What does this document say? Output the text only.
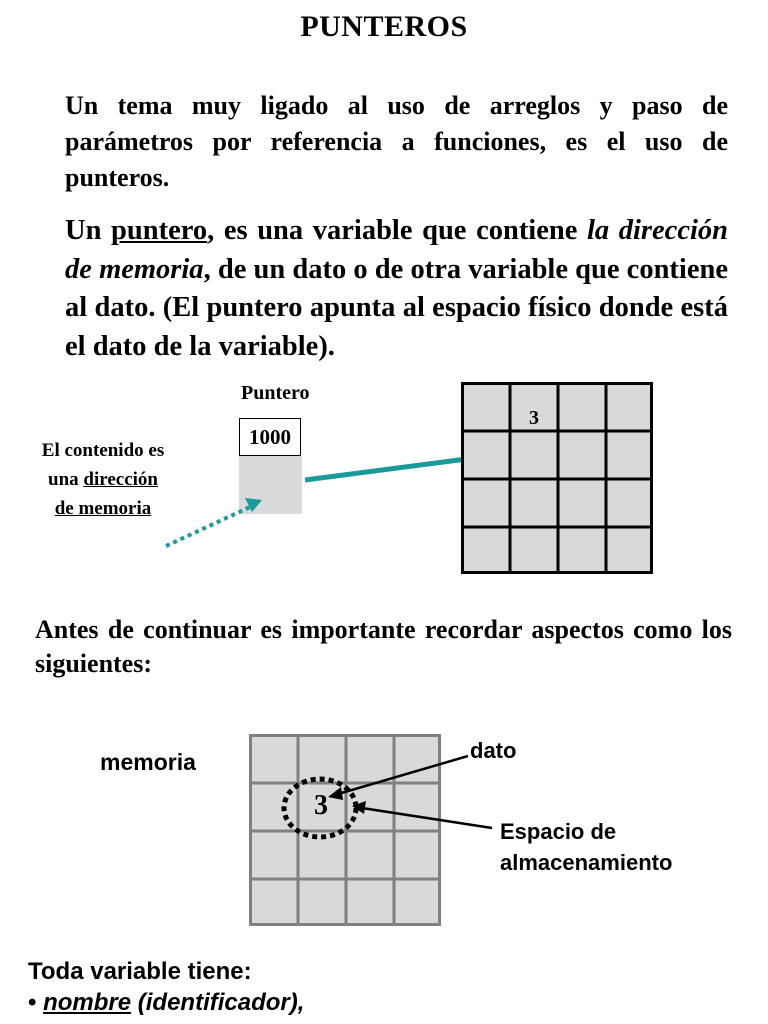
PUNTEROS
Un tema muy ligado al uso de arreglos y paso de parámetros por referencia a funciones, es el uso de punteros.
Un puntero, es una variable que contiene la dirección de memoria, de un dato o de otra variable que contiene al dato. (El puntero apunta al espacio físico donde está el dato de la variable).
Puntero
1000
El contenido es
una dirección
de memoria
3
Antes de continuar es importante recordar aspectos como los siguientes:
memoria	dato
Espacio de
almacenamiento
3
Toda variable tiene:
• nombre (identificador),
